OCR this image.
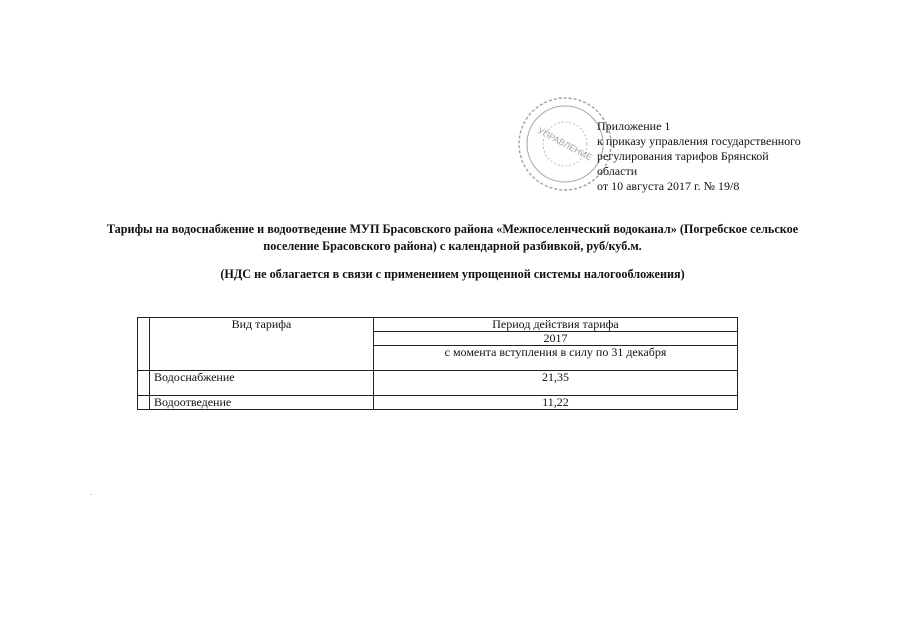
УПРАВЛЕНИЕ Приложение 1
к приказу управления государственного
регулирования тарифов Брянской
области
от 10 августа 2017 г. № 19/8
Тарифы на водоснабжение и водоотведение МУП Брасовского района «Межпоселенческий водоканал» (Погребское сельское
поселение Брасовского района) с календарной разбивкой, руб/куб.м.
(НДС не облагается в связи с применением упрощенной системы налогообложения)
	Вид тарифа	Период действия тарифа
		2017
		с момента вступления в силу по 31 декабря
	Водоснабжение	21,35
	Водоотведение	11,22
